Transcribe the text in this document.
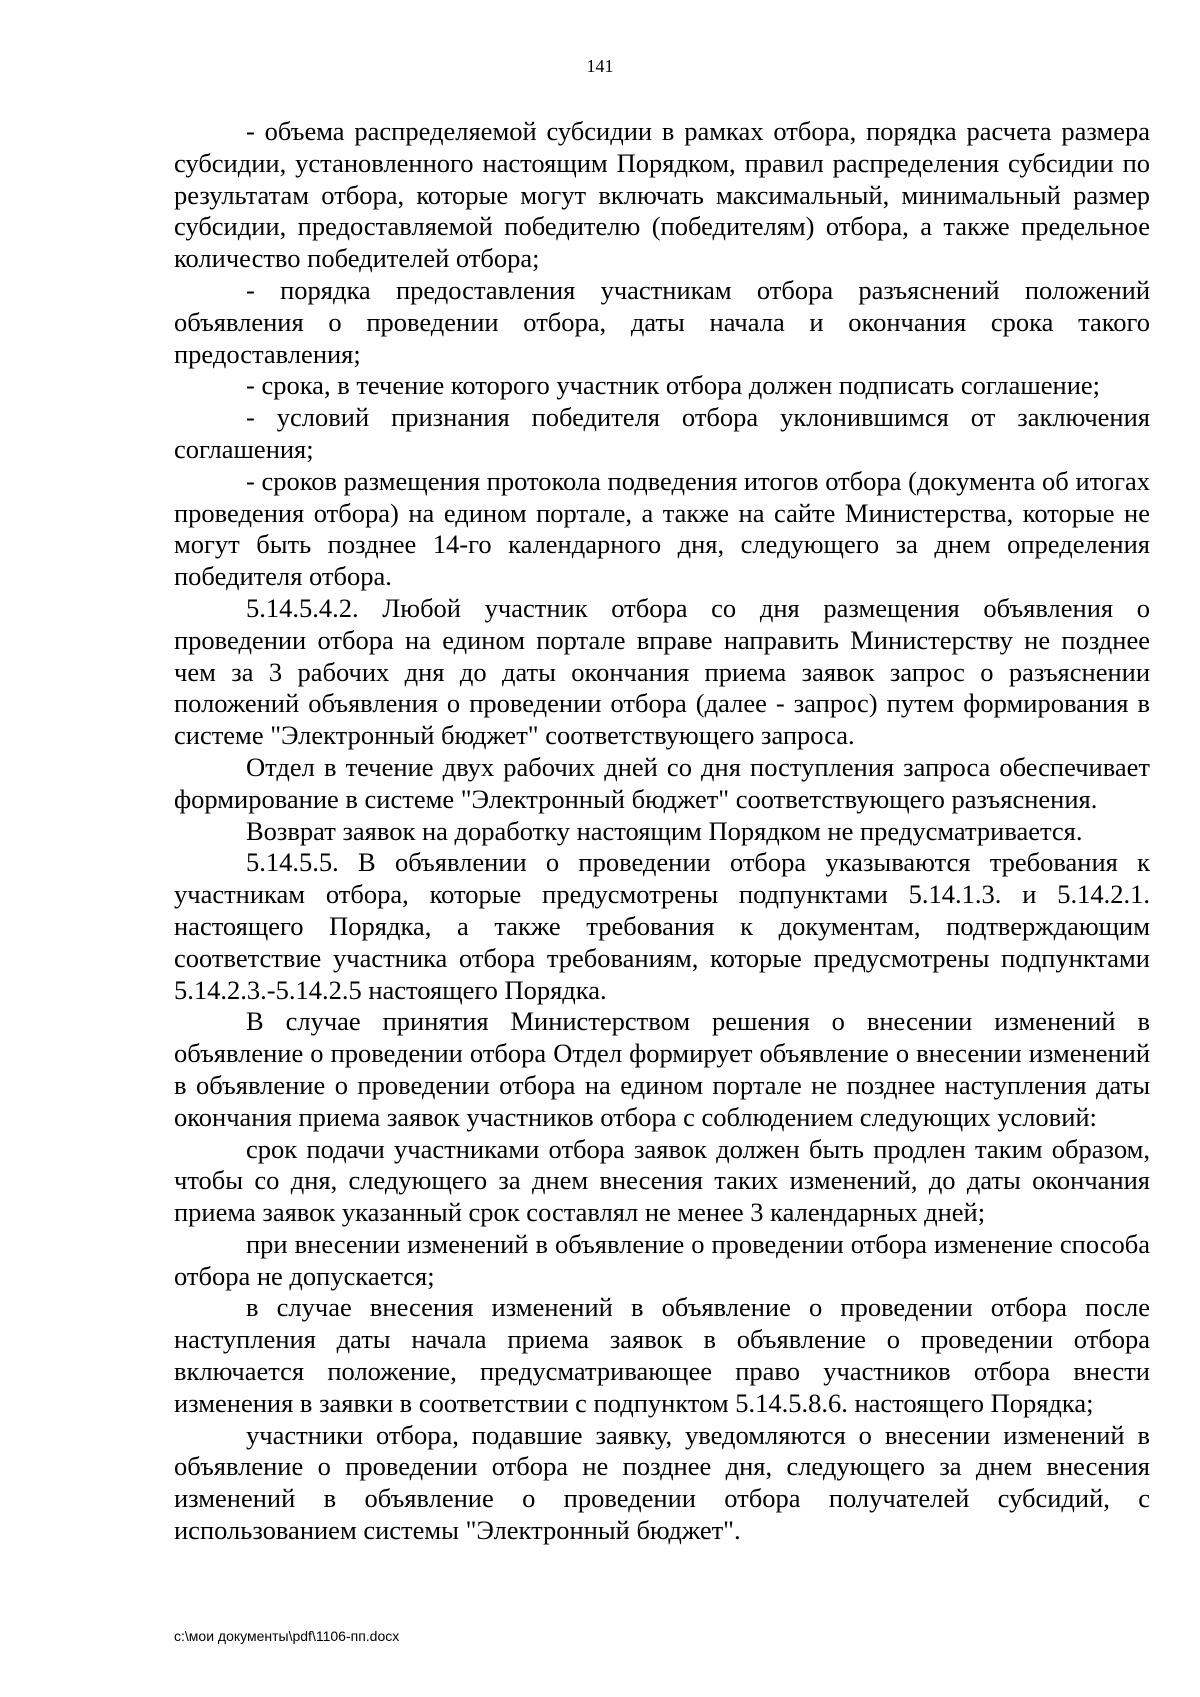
141

- объема распределяемой субсидии в рамках отбора, порядка расчета размера субсидии, установленного настоящим Порядком, правил распределения субсидии по результатам отбора, которые могут включать максимальный, минимальный размер субсидии, предоставляемой победителю (победителям) отбора, а также предельное количество победителей отбора;

- порядка предоставления участникам отбора разъяснений положений объявления о проведении отбора, даты начала и окончания срока такого предоставления;

- срока, в течение которого участник отбора должен подписать соглашение;

- условий признания победителя отбора уклонившимся от заключения соглашения;

- сроков размещения протокола подведения итогов отбора (документа об итогах проведения отбора) на едином портале, а также на сайте Министерства, которые не могут быть позднее 14-го календарного дня, следующего за днем определения победителя отбора.

5.14.5.4.2. Любой участник отбора со дня размещения объявления о проведении отбора на едином портале вправе направить Министерству не позднее чем за 3 рабочих дня до даты окончания приема заявок запрос о разъяснении положений объявления о проведении отбора (далее - запрос) путем формирования в системе "Электронный бюджет" соответствующего запроса.

Отдел в течение двух рабочих дней со дня поступления запроса обеспечивает формирование в системе "Электронный бюджет" соответствующего разъяснения.

Возврат заявок на доработку настоящим Порядком не предусматривается.

5.14.5.5. В объявлении о проведении отбора указываются требования к участникам отбора, которые предусмотрены подпунктами 5.14.1.3. и 5.14.2.1. настоящего Порядка, а также требования к документам, подтверждающим соответствие участника отбора требованиям, которые предусмотрены подпунктами 5.14.2.3.-5.14.2.5 настоящего Порядка.

В случае принятия Министерством решения о внесении изменений в объявление о проведении отбора Отдел формирует объявление о внесении изменений в объявление о проведении отбора на едином портале не позднее наступления даты окончания приема заявок участников отбора с соблюдением следующих условий:

срок подачи участниками отбора заявок должен быть продлен таким образом, чтобы со дня, следующего за днем внесения таких изменений, до даты окончания приема заявок указанный срок составлял не менее 3 календарных дней;

при внесении изменений в объявление о проведении отбора изменение способа отбора не допускается;

в случае внесения изменений в объявление о проведении отбора после наступления даты начала приема заявок в объявление о проведении отбора включается положение, предусматривающее право участников отбора внести изменения в заявки в соответствии с подпунктом 5.14.5.8.6. настоящего Порядка;

участники отбора, подавшие заявку, уведомляются о внесении изменений в объявление о проведении отбора не позднее дня, следующего за днем внесения изменений в объявление о проведении отбора получателей субсидий, с использованием системы "Электронный бюджет".

c:\мои документы\pdf\1106-пп.docx
